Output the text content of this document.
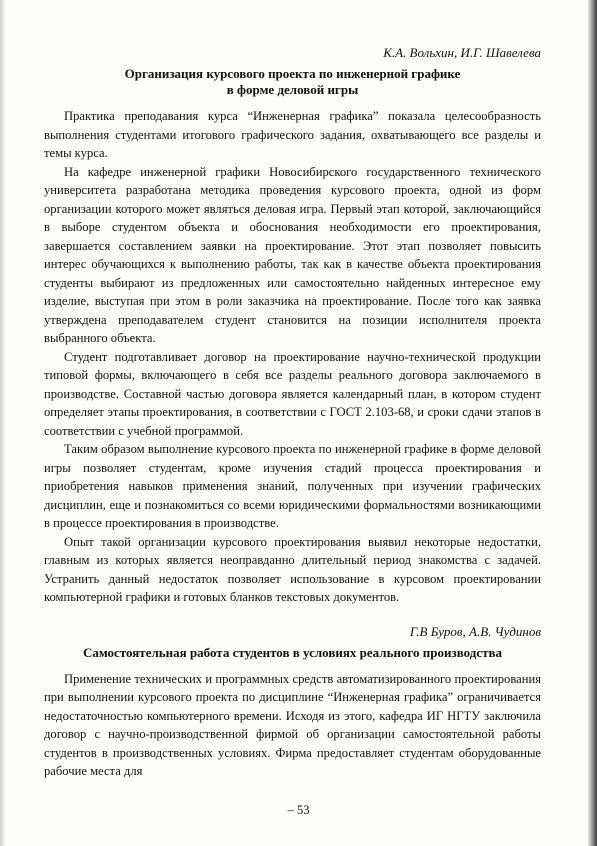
К.А. Вольхин, И.Г. Шавелева
Организация курсового проекта по инженерной графике
в форме деловой игры

Практика преподавания курса “Инженерная графика” показала целесообразность выполнения студентами итогового графического задания, охватывающего все разделы и темы курса.

На кафедре инженерной графики Новосибирского государственного технического университета разработана методика проведения курсового проекта, одной из форм организации которого может являться деловая игра. Первый этап которой, заключающийся в выборе студентом объекта и обоснования необходимости его проектирования, завершается составлением заявки на проектирование. Этот этап позволяет повысить интерес обучающихся к выполнению работы, так как в качестве объекта проектирования студенты выбирают из предложенных или самостоятельно найденных интересное ему изделие, выступая при этом в роли заказчика на проектирование. После того как заявка утверждена преподавателем студент становится на позиции исполнителя проекта выбранного объекта.

Студент подготавливает договор на проектирование научно-технической продукции типовой формы, включающего в себя все разделы реального договора заключаемого в производстве. Составной частью договора является календарный план, в котором студент определяет этапы проектирования, в соответствии с ГОСТ 2.103-68, и сроки сдачи этапов в соответствии с учебной программой.

Таким образом выполнение курсового проекта по инженерной графике в форме деловой игры позволяет студентам, кроме изучения стадий процесса проектирования и приобретения навыков применения знаний, полученных при изучении графических дисциплин, еще и познакомиться со всеми юридическими формальностями возникающими в процессе проектирования в производстве.

Опыт такой организации курсового проектирования выявил некоторые недостатки, главным из которых является неоправданно длительный период знакомства с задачей. Устранить данный недостаток позволяет использование в курсовом проектировании компьютерной графики и готовых бланков текстовых документов.

Г.В Буров, А.В. Чудинов
Самостоятельная работа студентов в условиях реального производства

Применение технических и программных средств автоматизированного проектирования при выполнении курсового проекта по дисциплине “Инженерная графика” ограничивается недостаточностью компьютерного времени. Исходя из этого, кафедра ИГ НГТУ заключила договор с научно-производственной фирмой об организации самостоятельной работы студентов в производственных условиях. Фирма предоставляет студентам оборудованные рабочие места для

– 53
